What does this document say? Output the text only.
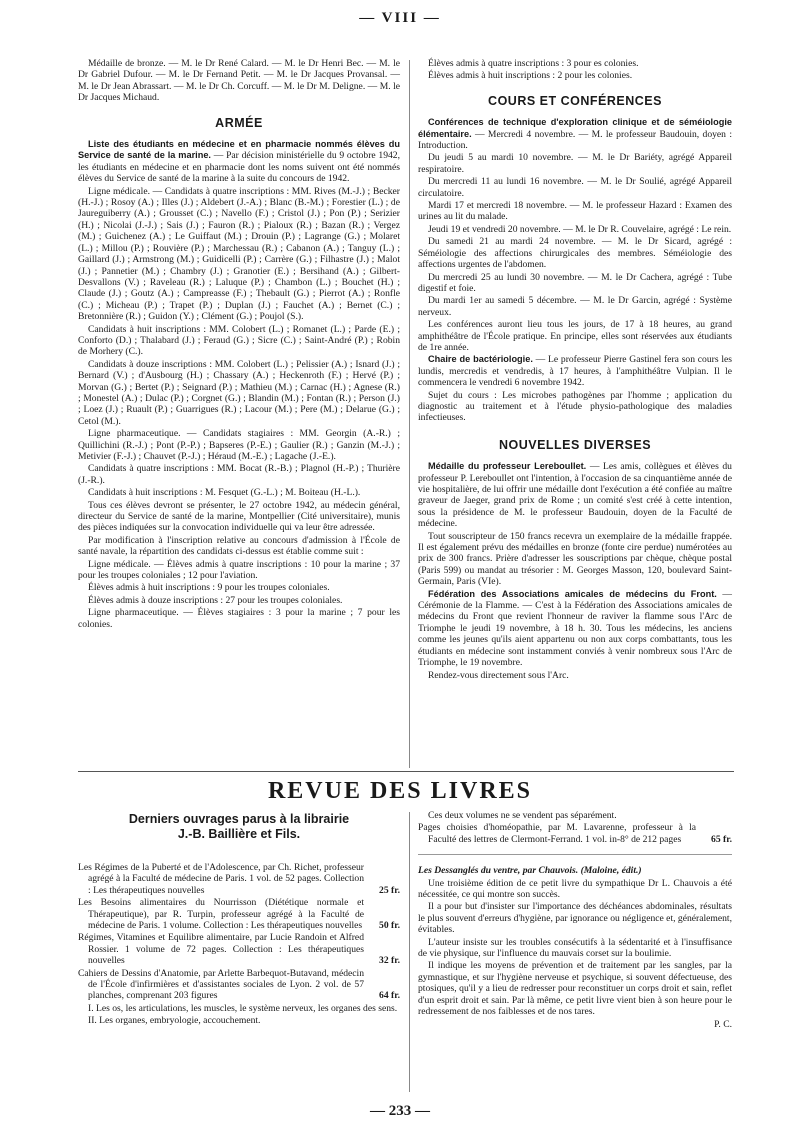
— VIII —

Médaille de bronze. — M. le Dr René Calard. — M. le Dr Henri Bec. — M. le Dr Gabriel Dufour. — M. le Dr Fernand Petit. — M. le Dr Jacques Provansal. — M. le Dr Jean Abrassart. — M. le Dr Ch. Corcuff. — M. le Dr M. Deligne. — M. le Dr Jacques Michaud.

ARMÉE

Liste des étudiants en médecine et en pharmacie nommés élèves du Service de santé de la marine. — Par décision ministérielle du 9 octobre 1942, les étudiants en médecine et en pharmacie dont les noms suivent ont été nommés élèves du Service de santé de la marine à la suite du concours de 1942.

Ligne médicale. — Candidats à quatre inscriptions : MM. Rives (M.-J.) ; Becker (H.-J.) ; Rosoy (A.) ; Illes (J.) ; Aldebert (J.-A.) ; Blanc (B.-M.) ; Forestier (L.) ; de Jaureguiberry (A.) ; Grousset (C.) ; Navello (F.) ; Cristol (J.) ; Pon (P.) ; Serizier (H.) ; Nicolai (J.-J.) ; Sais (J.) ; Fauron (R.) ; Pialoux (R.) ; Bazan (R.) ; Vergez (M.) ; Guichenez (A.) ; Le Guiffaut (M.) ; Drouin (P.) ; Lagrange (G.) ; Molaret (L.) ; Millou (P.) ; Rouvière (P.) ; Marchessau (R.) ; Cabanon (A.) ; Tanguy (L.) ; Gaillard (J.) ; Armstrong (M.) ; Guidicelli (P.) ; Carrère (G.) ; Filhastre (J.) ; Malot (J.) ; Pannetier (M.) ; Chambry (J.) ; Granotier (E.) ; Bersihand (A.) ; Gilbert-Desvallons (V.) ; Raveleau (R.) ; Laluque (P.) ; Chambon (L.) ; Bouchet (H.) ; Claude (J.) ; Goutz (A.) ; Campreasse (F.) ; Thebault (G.) ; Pierrot (A.) ; Ronfle (C.) ; Micheau (P.) ; Trapet (P.) ; Duplan (J.) ; Fauchet (A.) ; Bernet (C.) ; Bretonnière (R.) ; Guidon (Y.) ; Clément (G.) ; Poujol (S.).

Candidats à huit inscriptions : MM. Colobert (L.) ; Romanet (L.) ; Parde (E.) ; Conforto (D.) ; Thalabard (J.) ; Feraud (G.) ; Sicre (C.) ; Saint-André (P.) ; Robin de Morhery (C.).

Candidats à douze inscriptions : MM. Colobert (L.) ; Pelissier (A.) ; Isnard (J.) ; Bernard (V.) ; d'Ausbourg (H.) ; Chassary (A.) ; Heckenroth (F.) ; Hervé (P.) ; Morvan (G.) ; Bertet (P.) ; Seignard (P.) ; Mathieu (M.) ; Carnac (H.) ; Agnese (R.) ; Monestel (A.) ; Dulac (P.) ; Corgnet (G.) ; Blandin (M.) ; Fontan (R.) ; Person (J.) ; Loez (J.) ; Ruault (P.) ; Guarrigues (R.) ; Lacour (M.) ; Pere (M.) ; Delarue (G.) ; Cetol (M.).

Ligne pharmaceutique. — Candidats stagiaires : MM. Georgin (A.-R.) ; Quillichini (R.-J.) ; Pont (P.-P.) ; Bapseres (P.-E.) ; Gaulier (R.) ; Ganzin (M.-J.) ; Metivier (F.-J.) ; Chauvet (P.-J.) ; Héraud (M.-E.) ; Lagache (J.-E.).

Candidats à quatre inscriptions : MM. Bocat (R.-B.) ; Plagnol (H.-P.) ; Thurière (J.-R.).

Candidats à huit inscriptions : M. Fesquet (G.-L.) ; M. Boiteau (H.-L.).

Tous ces élèves devront se présenter, le 27 octobre 1942, au médecin général, directeur du Service de santé de la marine, Montpellier (Cité universitaire), munis des pièces indiquées sur la convocation individuelle qui va leur être adressée.

Par modification à l'inscription relative au concours d'admission à l'École de santé navale, la répartition des candidats ci-dessus est établie comme suit :

Ligne médicale. — Élèves admis à quatre inscriptions : 10 pour la marine ; 37 pour les troupes coloniales ; 12 pour l'aviation.

Élèves admis à huit inscriptions : 9 pour les troupes coloniales.

Élèves admis à douze inscriptions : 27 pour les troupes coloniales.

Ligne pharmaceutique. — Élèves stagiaires : 3 pour la marine ; 7 pour les colonies.

Élèves admis à quatre inscriptions : 3 pour es colonies.

Élèves admis à huit inscriptions : 2 pour les colonies.

COURS ET CONFÉRENCES

Conférences de technique d'exploration clinique et de séméiologie élémentaire. — Mercredi 4 novembre. — M. le professeur Baudouin, doyen : Introduction.

Du jeudi 5 au mardi 10 novembre. — M. le Dr Bariéty, agrégé Appareil respiratoire.

Du mercredi 11 au lundi 16 novembre. — M. le Dr Soulié, agrégé Appareil circulatoire.

Mardi 17 et mercredi 18 novembre. — M. le professeur Hazard : Examen des urines au lit du malade.

Jeudi 19 et vendredi 20 novembre. — M. le Dr R. Couvelaire, agrégé : Le rein.

Du samedi 21 au mardi 24 novembre. — M. le Dr Sicard, agrégé : Séméiologie des affections chirurgicales des membres. Séméiologie des affections urgentes de l'abdomen.

Du mercredi 25 au lundi 30 novembre. — M. le Dr Cachera, agrégé : Tube digestif et foie.

Du mardi 1er au samedi 5 décembre. — M. le Dr Garcin, agrégé : Système nerveux.

Les conférences auront lieu tous les jours, de 17 à 18 heures, au grand amphithéâtre de l'École pratique. En principe, elles sont réservées aux étudiants de 1re année.

Chaire de bactériologie. — Le professeur Pierre Gastinel fera son cours les lundis, mercredis et vendredis, à 17 heures, à l'amphithéâtre Vulpian. Il le commencera le vendredi 6 novembre 1942.

Sujet du cours : Les microbes pathogènes par l'homme ; application du diagnostic au traitement et à l'étude physio-pathologique des maladies infectieuses.

NOUVELLES DIVERSES

Médaille du professeur Lereboullet. — Les amis, collègues et élèves du professeur P. Lereboullet ont l'intention, à l'occasion de sa cinquantième année de vie hospitalière, de lui offrir une médaille dont l'exécution a été confiée au maître graveur de Jaeger, grand prix de Rome ; un comité s'est créé à cette intention, sous la présidence de M. le professeur Baudouin, doyen de la Faculté de médecine.

Tout souscripteur de 150 francs recevra un exemplaire de la médaille frappée. Il est également prévu des médailles en bronze (fonte cire perdue) numérotées au prix de 300 francs. Prière d'adresser les souscriptions par chèque, chèque postal (Paris 599) ou mandat au trésorier : M. Georges Masson, 120, boulevard Saint-Germain, Paris (VIe).

Fédération des Associations amicales de médecins du Front. — Cérémonie de la Flamme. — C'est à la Fédération des Associations amicales de médecins du Front que revient l'honneur de raviver la flamme sous l'Arc de Triomphe le jeudi 19 novembre, à 18 h. 30. Tous les médecins, les anciens comme les jeunes qu'ils aient appartenu ou non aux corps combattants, tous les étudiants en médecine sont instamment conviés à venir nombreux sous l'Arc de Triomphe, le 19 novembre.

Rendez-vous directement sous l'Arc.

REVUE DES LIVRES
Derniers ouvrages parus à la librairie
J.-B. Baillière et Fils.
Les Régimes de la Puberté et de l'Adolescence, par Ch. Richet, professeur agrégé à la Faculté de médecine de Paris. 1 vol. de 52 pages. Collection : Les thérapeutiques nouvelles	25 fr.
Les Besoins alimentaires du Nourrisson (Diététique normale et Thérapeutique), par R. Turpin, professeur agrégé à la Faculté de médecine de Paris. 1 volume. Collection : Les thérapeutiques nouvelles 50 fr.
Régimes, Vitamines et Equilibre alimentaire, par Lucie Randoin et Alfred Rossier. 1 volume de 72 pages. Collection : Les thérapeutiques nouvelles	32 fr.
Cahiers de Dessins d'Anatomie, par Arlette Barbequot-Butavand, médecin de l'École d'infirmières et d'assistantes sociales de Lyon. 2 vol. de 57 planches, comprenant 203 figures	64 fr.

I. Les os, les articulations, les muscles, le système nerveux, les organes des sens.

II. Les organes, embryologie, accouchement.

Ces deux volumes ne se vendent pas séparément.

Pages choisies d'homéopathie, par M. Lavarenne, professeur à la Faculté des lettres de Clermont-Ferrand. 1 vol. in-8° de 212 pages	65 fr.

Les Dessanglés du ventre, par Chauvois. (Maloine, édit.)

Une troisième édition de ce petit livre du sympathique Dr L. Chauvois a été nécessitée, ce qui montre son succès.

Il a pour but d'insister sur l'importance des déchéances abdominales, résultats le plus souvent d'erreurs d'hygiène, par ignorance ou négligence et, généralement, évitables.

L'auteur insiste sur les troubles consécutifs à la sédentarité et à l'insuffisance de vie physique, sur l'influence du mauvais corset sur la boulimie.

Il indique les moyens de prévention et de traitement par les sangles, par la gymnastique, et sur l'hygiène nerveuse et psychique, si souvent défectueuse, des ptosiques, qu'il y a lieu de redresser pour reconstituer un corps droit et sain, reflet d'un esprit droit et sain. Par là même, ce petit livre vient bien à son heure pour le redressement de nos faiblesses et de nos tares.

P. C.
— 233 —
